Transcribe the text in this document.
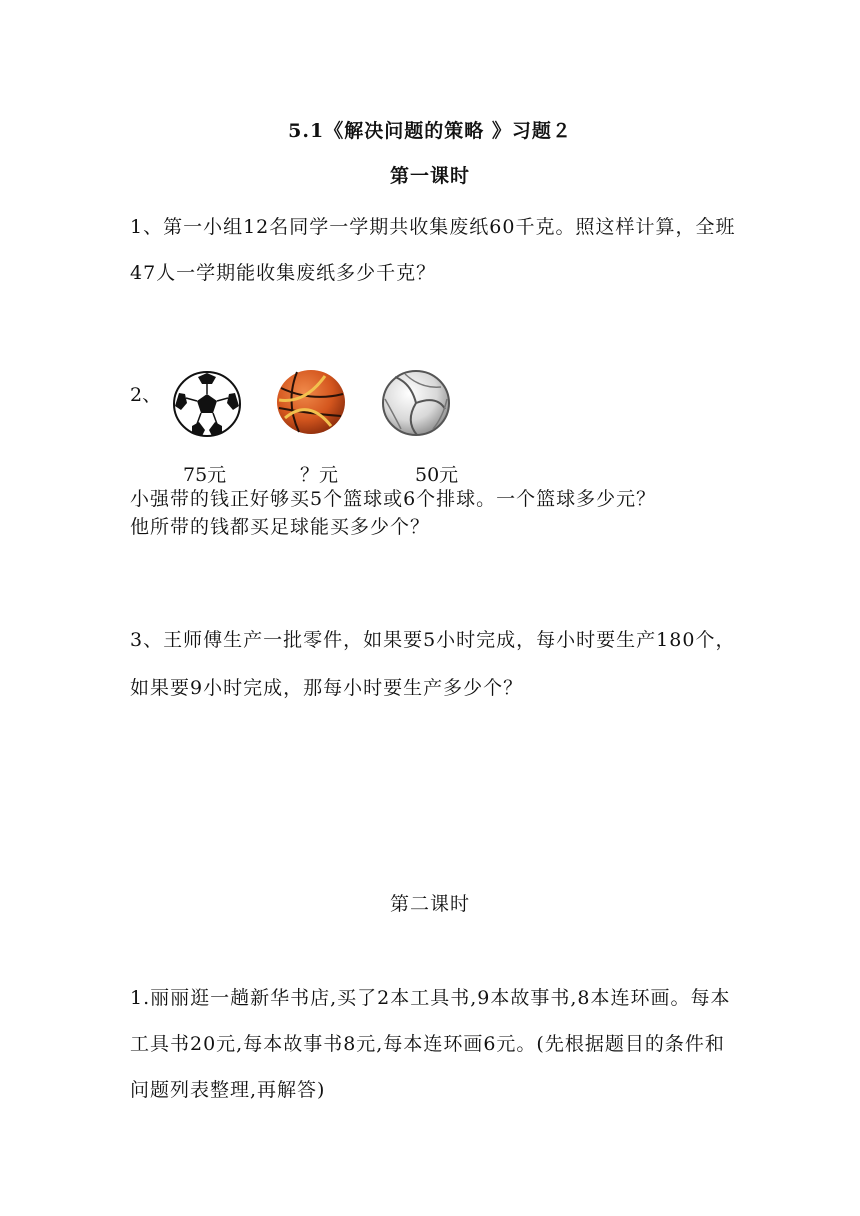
5.1《解决问题的策略 》习题２
第一课时
1、第一小组12名同学一学期共收集废纸60千克。照这样计算，全班47人一学期能收集废纸多少千克？
2、
75元	？元	50元
小强带的钱正好够买5个篮球或6个排球。一个篮球多少元？
他所带的钱都买足球能买多少个？
3、王师傅生产一批零件，如果要5小时完成，每小时要生产180个，如果要9小时完成，那每小时要生产多少个？
第二课时
1.丽丽逛一趟新华书店,买了2本工具书,9本故事书,8本连环画。每本工具书20元,每本故事书8元,每本连环画6元。(先根据题目的条件和问题列表整理,再解答)
